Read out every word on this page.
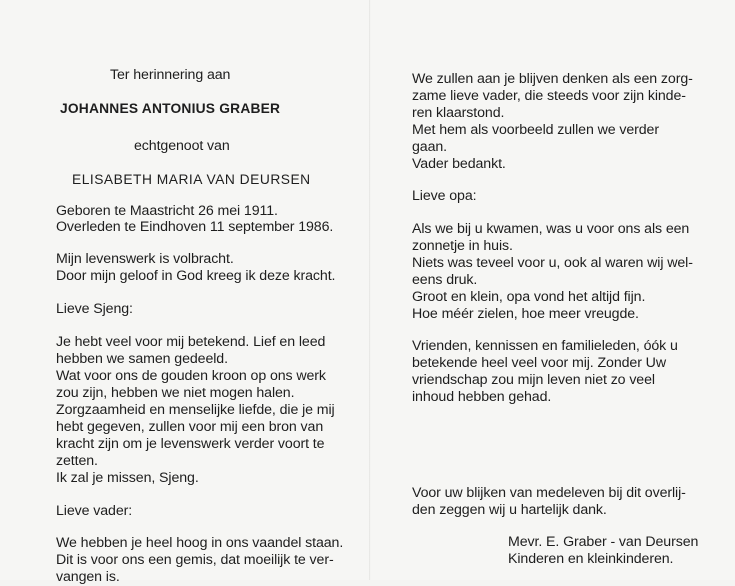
Ter herinnering aan
JOHANNES ANTONIUS GRABER
echtgenoot van
ELISABETH MARIA VAN DEURSEN
Geboren te Maastricht 26 mei 1911.
Overleden te Eindhoven 11 september 1986.
Mijn levenswerk is volbracht.
Door mijn geloof in God kreeg ik deze kracht.
Lieve Sjeng:
Je hebt veel voor mij betekend. Lief en leed
hebben we samen gedeeld.
Wat voor ons de gouden kroon op ons werk
zou zijn, hebben we niet mogen halen.
Zorgzaamheid en menselijke liefde, die je mij
hebt gegeven, zullen voor mij een bron van
kracht zijn om je levenswerk verder voort te
zetten.
Ik zal je missen, Sjeng.
Lieve vader:
We hebben je heel hoog in ons vaandel staan.
Dit is voor ons een gemis, dat moeilijk te ver-
vangen is.
We zullen aan je blijven denken als een zorg-
zame lieve vader, die steeds voor zijn kinde-
ren klaarstond.
Met hem als voorbeeld zullen we verder
gaan.
Vader bedankt.
Lieve opa:
Als we bij u kwamen, was u voor ons als een
zonnetje in huis.
Niets was teveel voor u, ook al waren wij wel-
eens druk.
Groot en klein, opa vond het altijd fijn.
Hoe méér zielen, hoe meer vreugde.
Vrienden, kennissen en familieleden, óók u
betekende heel veel voor mij. Zonder Uw
vriendschap zou mijn leven niet zo veel
inhoud hebben gehad.
Voor uw blijken van medeleven bij dit overlij-
den zeggen wij u hartelijk dank.
Mevr. E. Graber - van Deursen
Kinderen en kleinkinderen.
